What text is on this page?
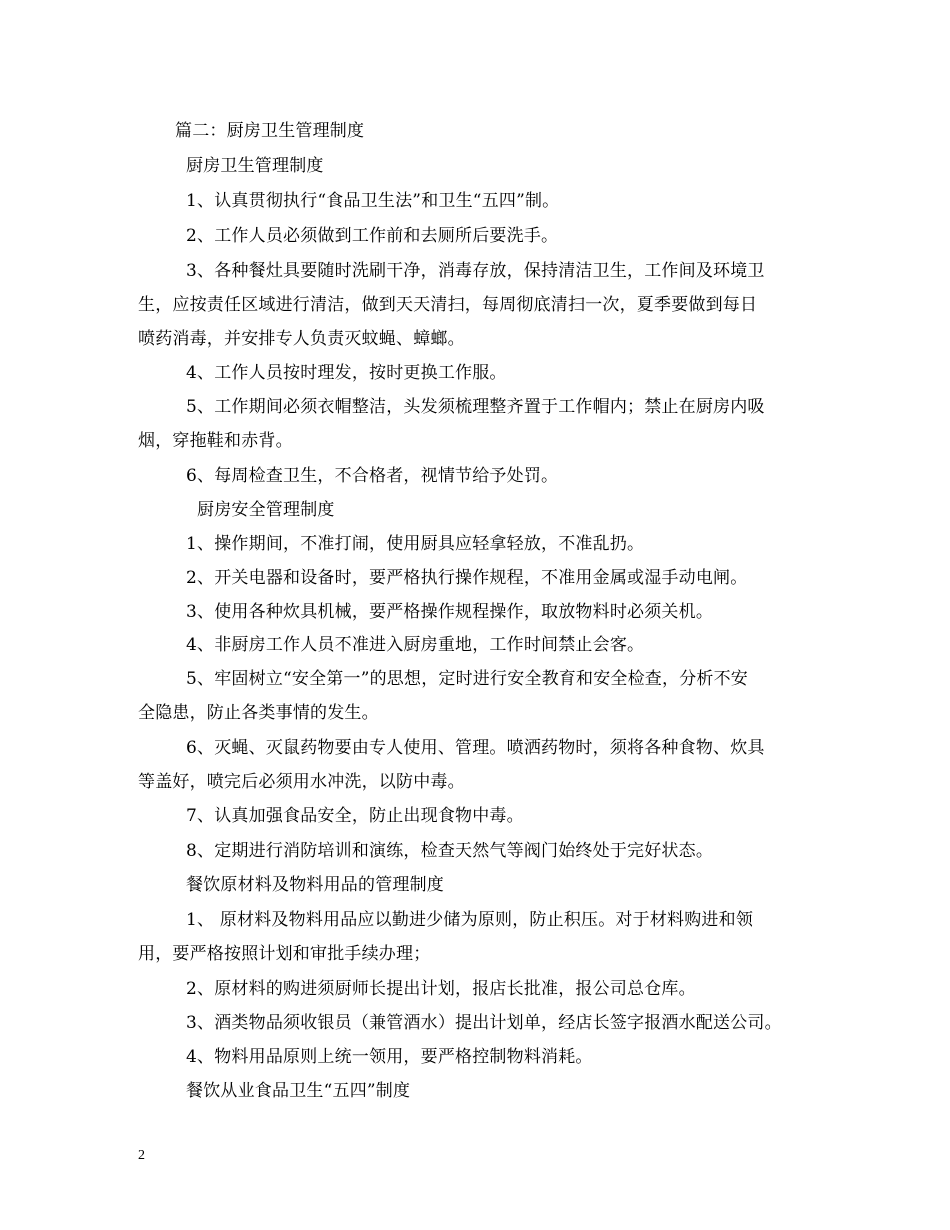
篇二：厨房卫生管理制度
厨房卫生管理制度
1、认真贯彻执行“食品卫生法”和卫生“五四”制。
2、工作人员必须做到工作前和去厕所后要洗手。
3、各种餐灶具要随时洗刷干净，消毒存放，保持清洁卫生，工作间及环境卫
生，应按责任区域进行清洁，做到天天清扫，每周彻底清扫一次，夏季要做到每日
喷药消毒，并安排专人负责灭蚊蝇、蟑螂。
4、工作人员按时理发，按时更换工作服。
5、工作期间必须衣帽整洁，头发须梳理整齐置于工作帽内；禁止在厨房内吸
烟，穿拖鞋和赤背。
6、每周检查卫生，不合格者，视情节给予处罚。
厨房安全管理制度
1、操作期间，不准打闹，使用厨具应轻拿轻放，不准乱扔。
2、开关电器和设备时，要严格执行操作规程，不准用金属或湿手动电闸。
3、使用各种炊具机械，要严格操作规程操作，取放物料时必须关机。
4、非厨房工作人员不准进入厨房重地，工作时间禁止会客。
5、牢固树立“安全第一”的思想，定时进行安全教育和安全检查，分析不安
全隐患，防止各类事情的发生。
6、灭蝇、灭鼠药物要由专人使用、管理。喷洒药物时，须将各种食物、炊具
等盖好，喷完后必须用水冲洗，以防中毒。
7、认真加强食品安全，防止出现食物中毒。
8、定期进行消防培训和演练，检查天然气等阀门始终处于完好状态。
餐饮原材料及物料用品的管理制度
1、 原材料及物料用品应以勤进少储为原则，防止积压。对于材料购进和领
用，要严格按照计划和审批手续办理；
2、原材料的购进须厨师长提出计划，报店长批准，报公司总仓库。
3、酒类物品须收银员（兼管酒水）提出计划单，经店长签字报酒水配送公司。
4、物料用品原则上统一领用，要严格控制物料消耗。
餐饮从业食品卫生“五四”制度
2
